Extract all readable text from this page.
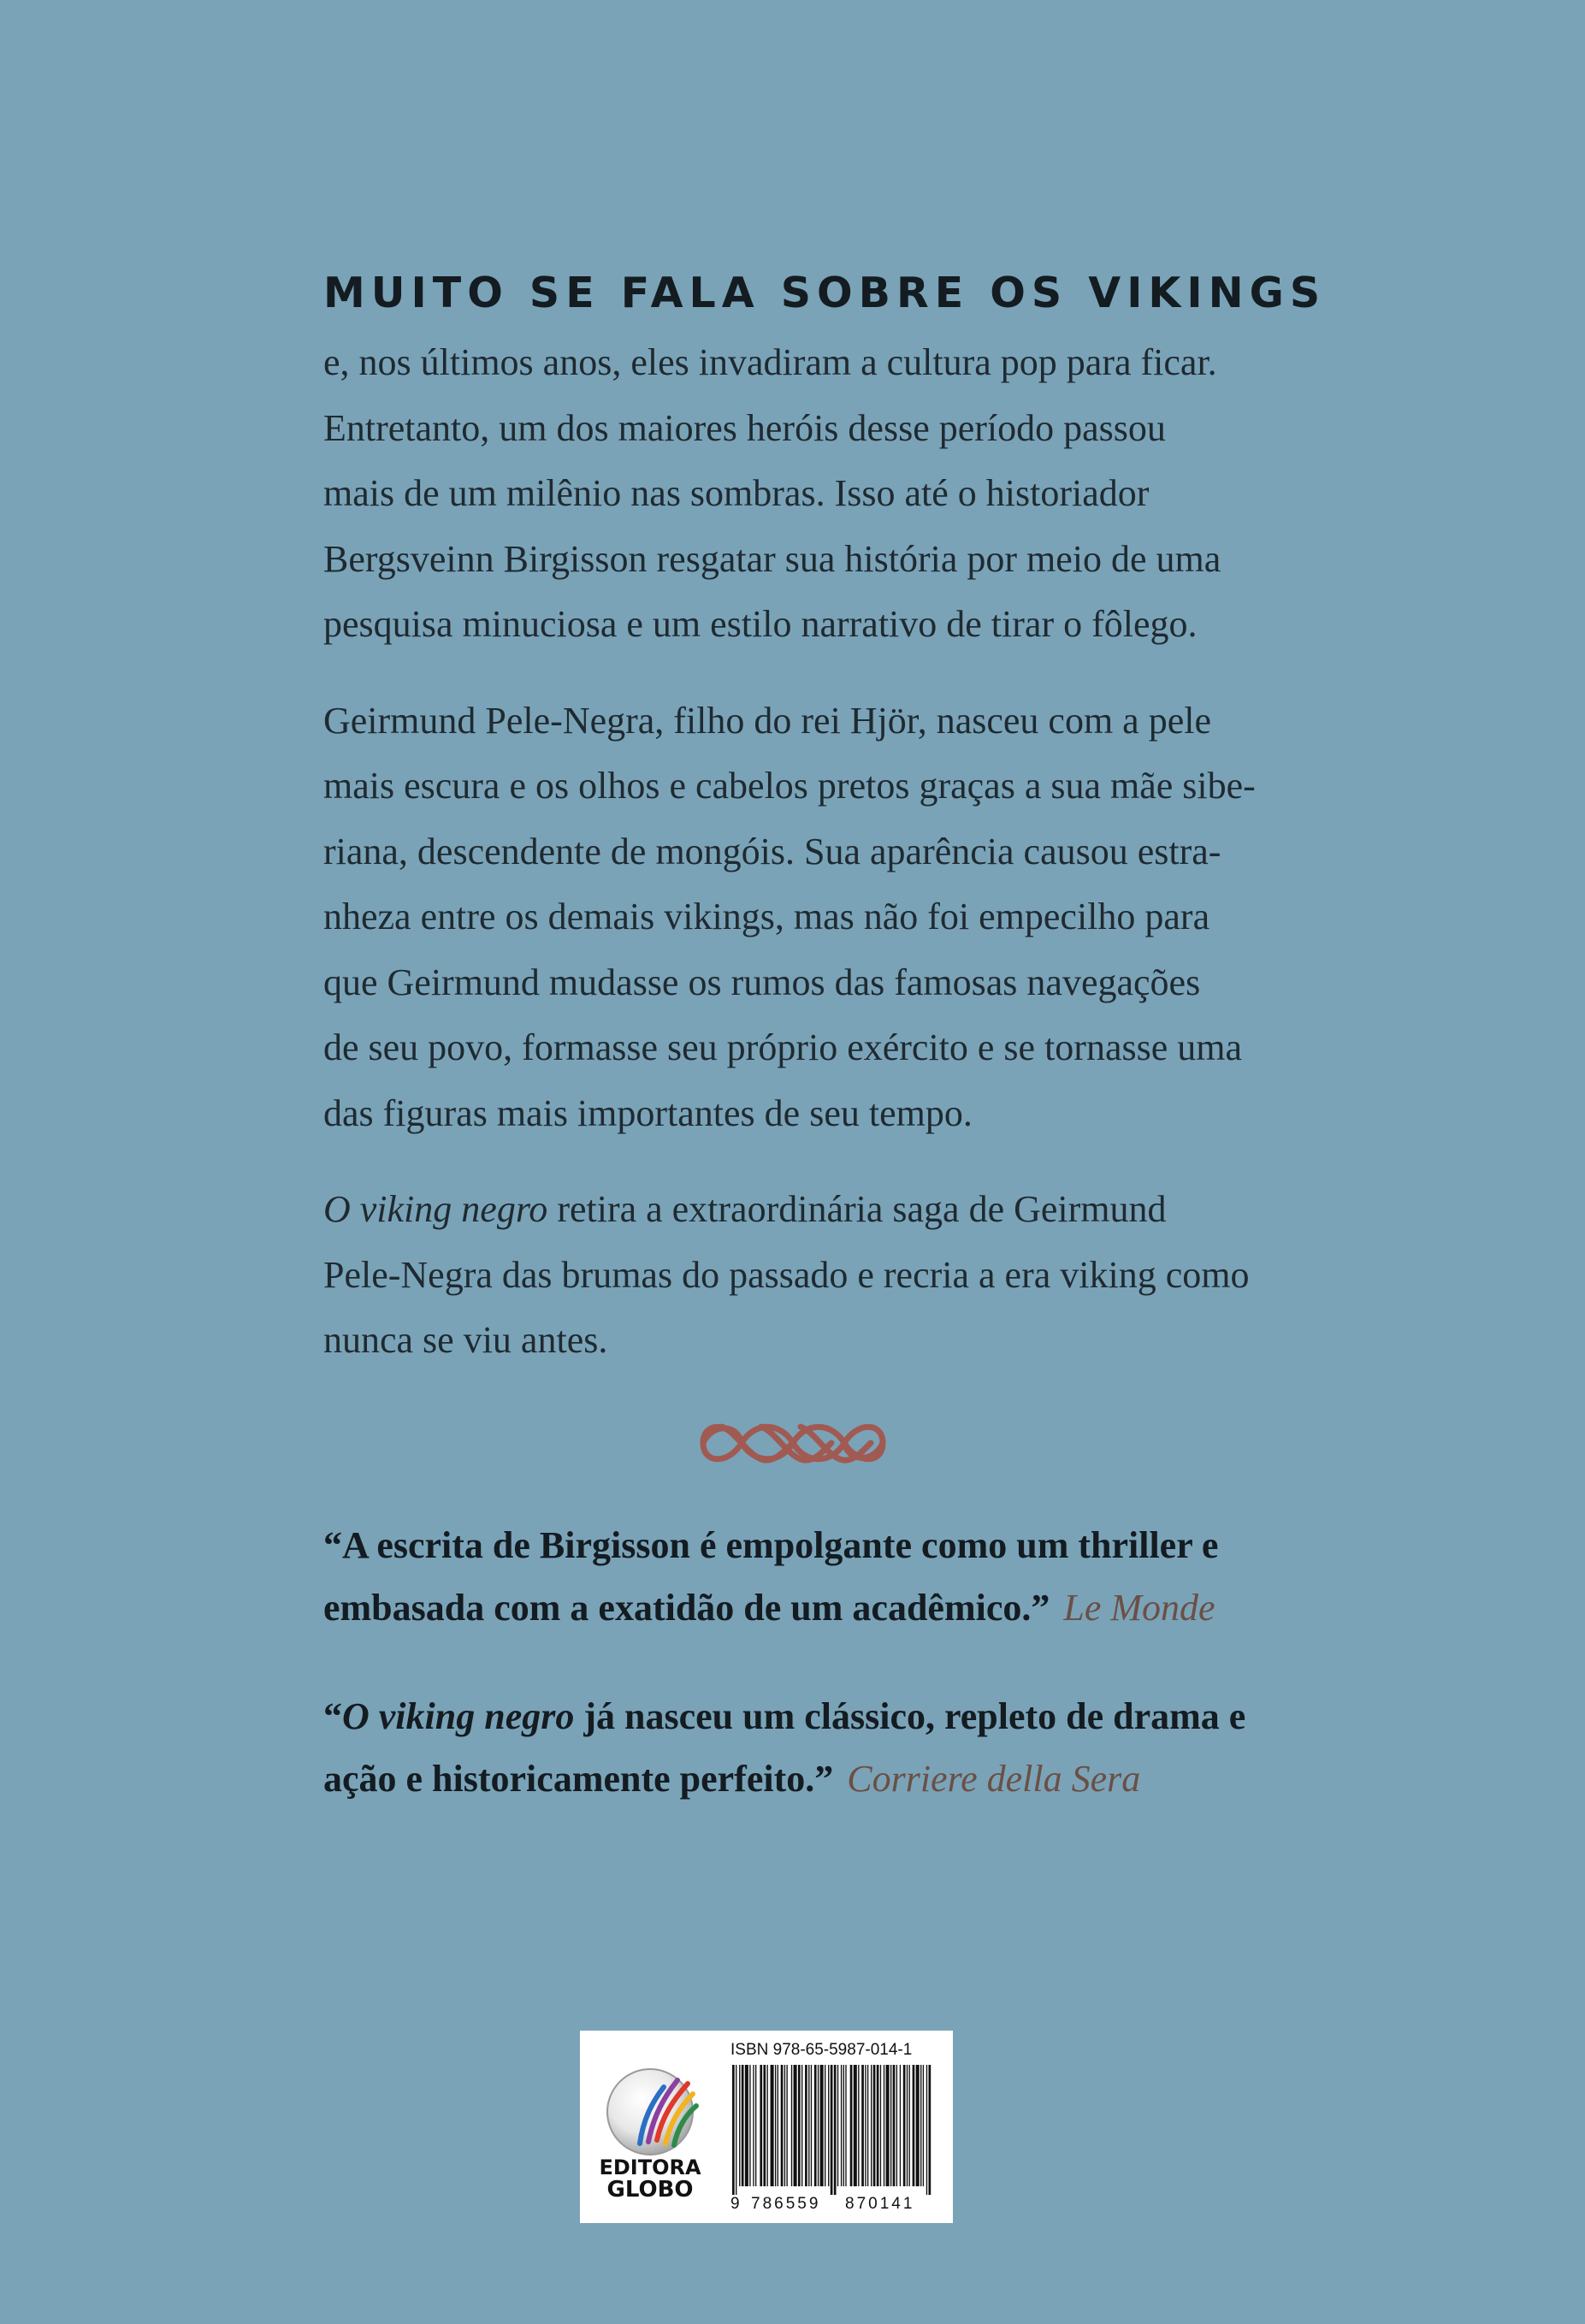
MUITO SE FALA SOBRE OS VIKINGS

e, nos últimos anos, eles invadiram a cultura pop para ficar.
Entretanto, um dos maiores heróis desse período passou
mais de um milênio nas sombras. Isso até o historiador
Bergsveinn Birgisson resgatar sua história por meio de uma
pesquisa minuciosa e um estilo narrativo de tirar o fôlego.

Geirmund Pele-Negra, filho do rei Hjör, nasceu com a pele
mais escura e os olhos e cabelos pretos graças a sua mãe sibe-
riana, descendente de mongóis. Sua aparência causou estra-
nheza entre os demais vikings, mas não foi empecilho para
que Geirmund mudasse os rumos das famosas navegações
de seu povo, formasse seu próprio exército e se tornasse uma
das figuras mais importantes de seu tempo.

O viking negro retira a extraordinária saga de Geirmund
Pele-Negra das brumas do passado e recria a era viking como
nunca se viu antes.

“A escrita de Birgisson é empolgante como um thriller e
embasada com a exatidão de um acadêmico.” Le Monde

“O viking negro já nasceu um clássico, repleto de drama e
ação e historicamente perfeito.” Corriere della Sera

EDITORA
GLOBO
ISBN 978-65-5987-014-1
9 786559 870141
